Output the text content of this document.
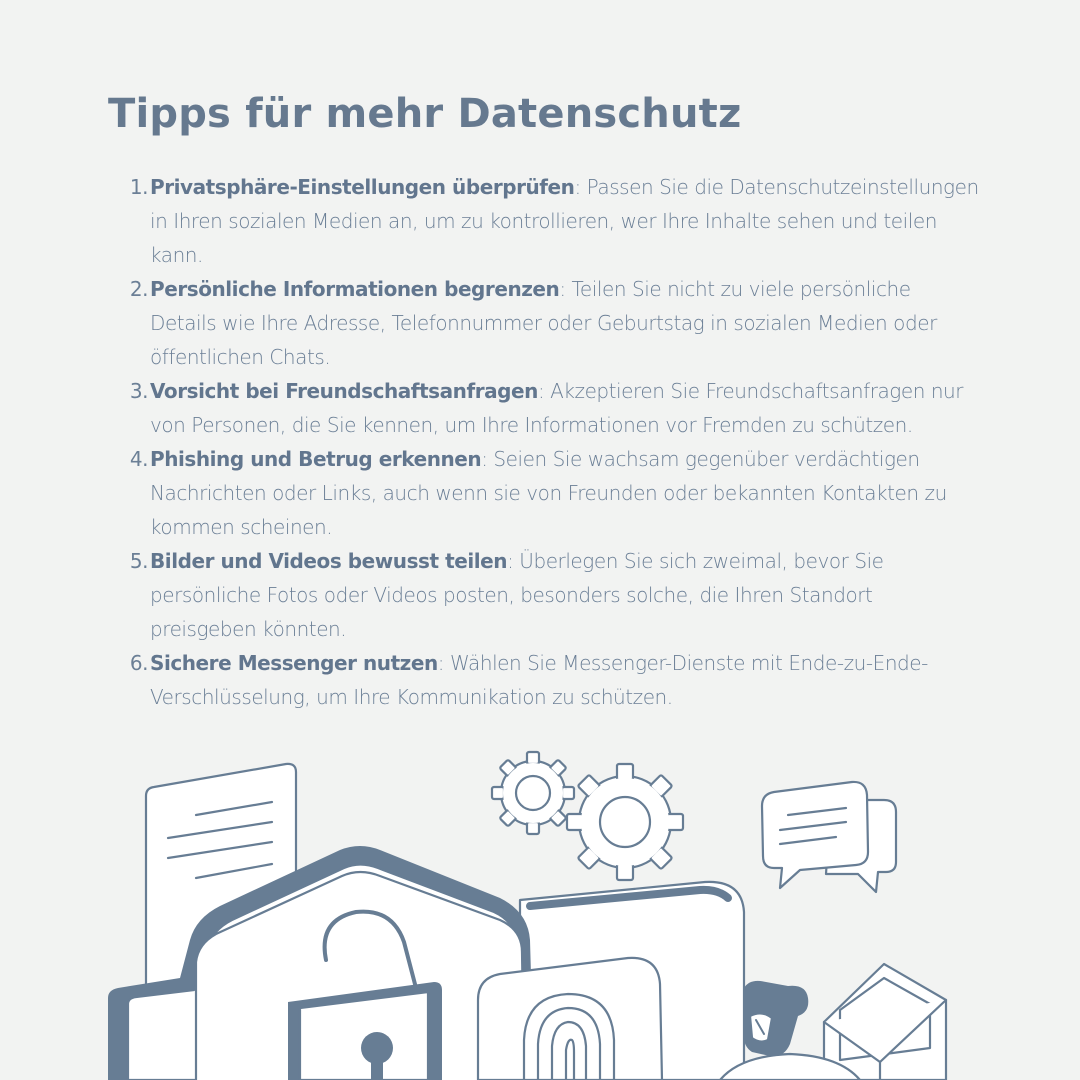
Tipps für mehr Datenschutz
1. Privatsphäre-Einstellungen überprüfen: Passen Sie die Datenschutzeinstellungen in Ihren sozialen Medien an, um zu kontrollieren, wer Ihre Inhalte sehen und teilen kann.
2. Persönliche Informationen begrenzen: Teilen Sie nicht zu viele persönliche Details wie Ihre Adresse, Telefonnummer oder Geburtstag in sozialen Medien oder öffentlichen Chats.
3. Vorsicht bei Freundschaftsanfragen: Akzeptieren Sie Freundschaftsanfragen nur von Personen, die Sie kennen, um Ihre Informationen vor Fremden zu schützen.
4. Phishing und Betrug erkennen: Seien Sie wachsam gegenüber verdächtigen Nachrichten oder Links, auch wenn sie von Freunden oder bekannten Kontakten zu kommen scheinen.
5. Bilder und Videos bewusst teilen: Überlegen Sie sich zweimal, bevor Sie persönliche Fotos oder Videos posten, besonders solche, die Ihren Standort preisgeben könnten.
6. Sichere Messenger nutzen: Wählen Sie Messenger-Dienste mit Ende-zu-Ende-Verschlüsselung, um Ihre Kommunikation zu schützen.
